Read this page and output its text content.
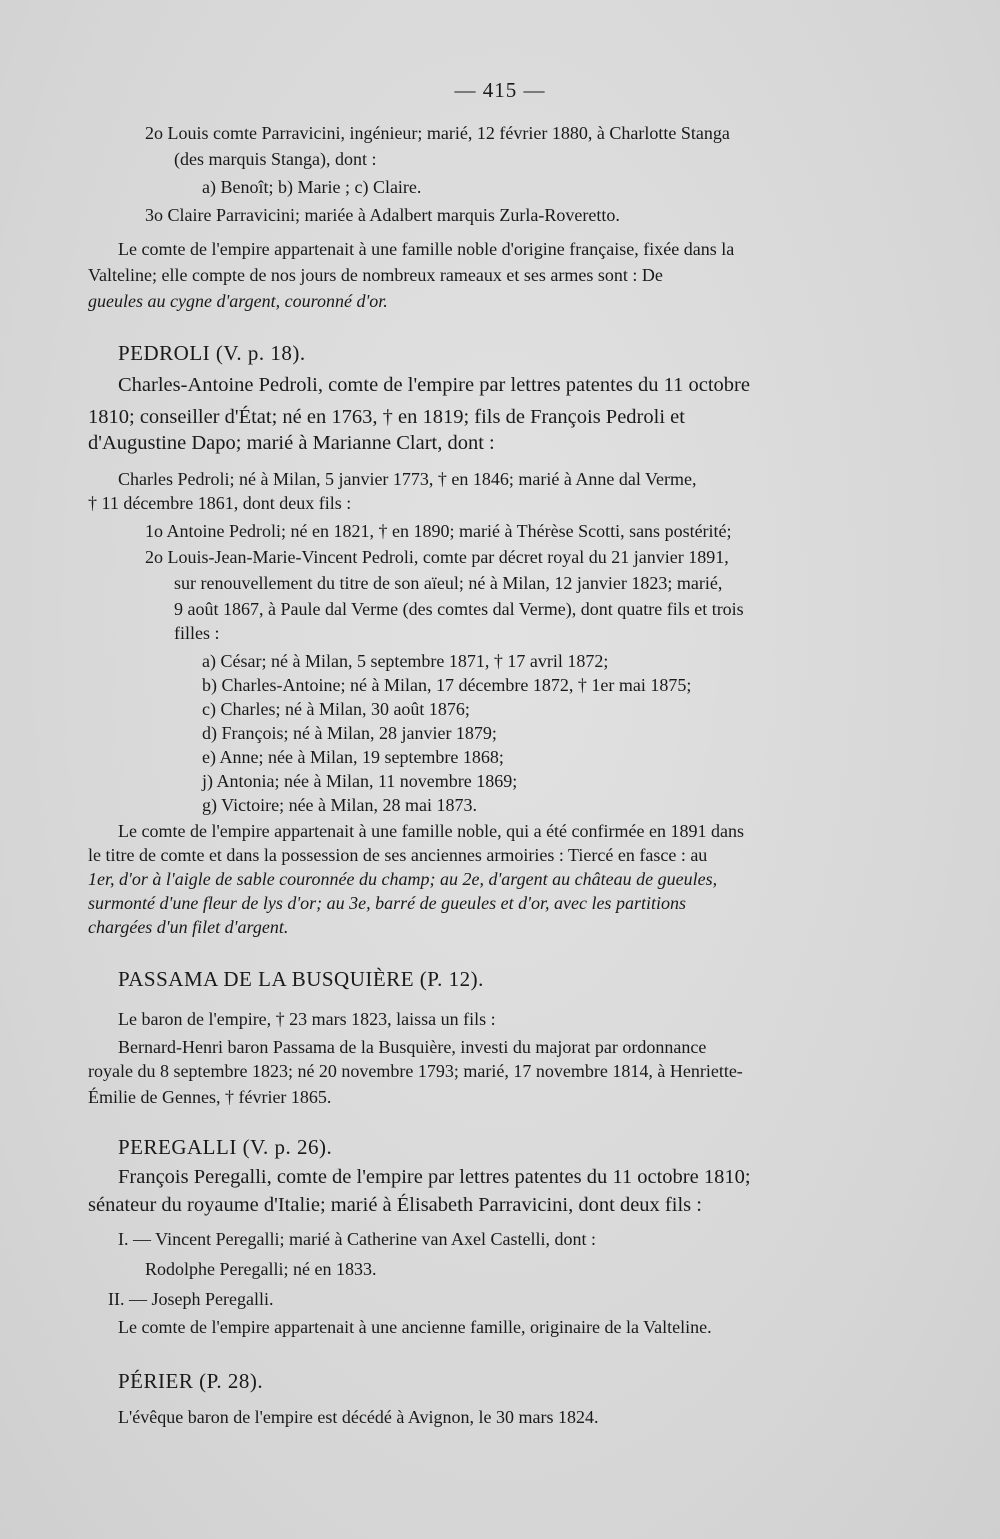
— 415 —
2o Louis comte Parravicini, ingénieur; marié, 12 février 1880, à Charlotte Stanga
(des marquis Stanga), dont :
a) Benoît; b) Marie ; c) Claire.
3o Claire Parravicini; mariée à Adalbert marquis Zurla-Roveretto.
Le comte de l'empire appartenait à une famille noble d'origine française, fixée dans la
Valteline; elle compte de nos jours de nombreux rameaux et ses armes sont : De
gueules au cygne d'argent, couronné d'or.
PEDROLI (V. p. 18).
Charles-Antoine Pedroli, comte de l'empire par lettres patentes du 11 octobre
1810; conseiller d'État; né en 1763, † en 1819; fils de François Pedroli et
d'Augustine Dapo; marié à Marianne Clart, dont :
Charles Pedroli; né à Milan, 5 janvier 1773, † en 1846; marié à Anne dal Verme,
† 11 décembre 1861, dont deux fils :
1o Antoine Pedroli; né en 1821, † en 1890; marié à Thérèse Scotti, sans postérité;
2o Louis-Jean-Marie-Vincent Pedroli, comte par décret royal du 21 janvier 1891,
sur renouvellement du titre de son aïeul; né à Milan, 12 janvier 1823; marié,
9 août 1867, à Paule dal Verme (des comtes dal Verme), dont quatre fils et trois
filles :
a) César; né à Milan, 5 septembre 1871, † 17 avril 1872;
b) Charles-Antoine; né à Milan, 17 décembre 1872, † 1er mai 1875;
c) Charles; né à Milan, 30 août 1876;
d) François; né à Milan, 28 janvier 1879;
e) Anne; née à Milan, 19 septembre 1868;
j) Antonia; née à Milan, 11 novembre 1869;
g) Victoire; née à Milan, 28 mai 1873.
Le comte de l'empire appartenait à une famille noble, qui a été confirmée en 1891 dans
le titre de comte et dans la possession de ses anciennes armoiries : Tiercé en fasce : au
1er, d'or à l'aigle de sable couronnée du champ; au 2e, d'argent au château de gueules,
surmonté d'une fleur de lys d'or; au 3e, barré de gueules et d'or, avec les partitions
chargées d'un filet d'argent.
PASSAMA DE LA BUSQUIÈRE (P. 12).
Le baron de l'empire, † 23 mars 1823, laissa un fils :
Bernard-Henri baron Passama de la Busquière, investi du majorat par ordonnance
royale du 8 septembre 1823; né 20 novembre 1793; marié, 17 novembre 1814, à Henriette-
Émilie de Gennes, † février 1865.
PEREGALLI (V. p. 26).
François Peregalli, comte de l'empire par lettres patentes du 11 octobre 1810;
sénateur du royaume d'Italie; marié à Élisabeth Parravicini, dont deux fils :
I. — Vincent Peregalli; marié à Catherine van Axel Castelli, dont :
Rodolphe Peregalli; né en 1833.
II. — Joseph Peregalli.
Le comte de l'empire appartenait à une ancienne famille, originaire de la Valteline.
PÉRIER (P. 28).
L'évêque baron de l'empire est décédé à Avignon, le 30 mars 1824.
